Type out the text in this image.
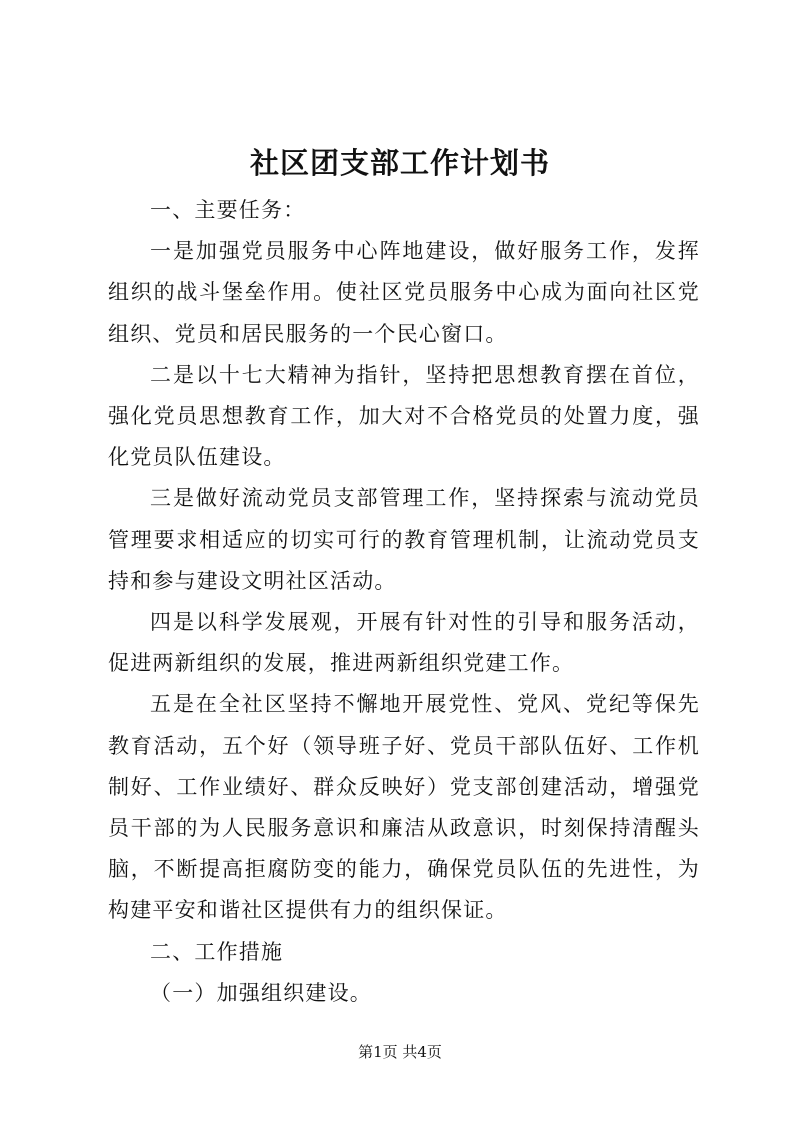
社区团支部工作计划书

一、主要任务：

一是加强党员服务中心阵地建设，做好服务工作，发挥组织的战斗堡垒作用。使社区党员服务中心成为面向社区党组织、党员和居民服务的一个民心窗口。

二是以十七大精神为指针，坚持把思想教育摆在首位，强化党员思想教育工作，加大对不合格党员的处置力度，强化党员队伍建设。

三是做好流动党员支部管理工作，坚持探索与流动党员管理要求相适应的切实可行的教育管理机制，让流动党员支持和参与建设文明社区活动。

四是以科学发展观，开展有针对性的引导和服务活动，促进两新组织的发展，推进两新组织党建工作。

五是在全社区坚持不懈地开展党性、党风、党纪等保先教育活动，五个好（领导班子好、党员干部队伍好、工作机制好、工作业绩好、群众反映好）党支部创建活动，增强党员干部的为人民服务意识和廉洁从政意识，时刻保持清醒头脑，不断提高拒腐防变的能力，确保党员队伍的先进性，为构建平安和谐社区提供有力的组织保证。

二、工作措施

（一）加强组织建设。

第1页 共4页
